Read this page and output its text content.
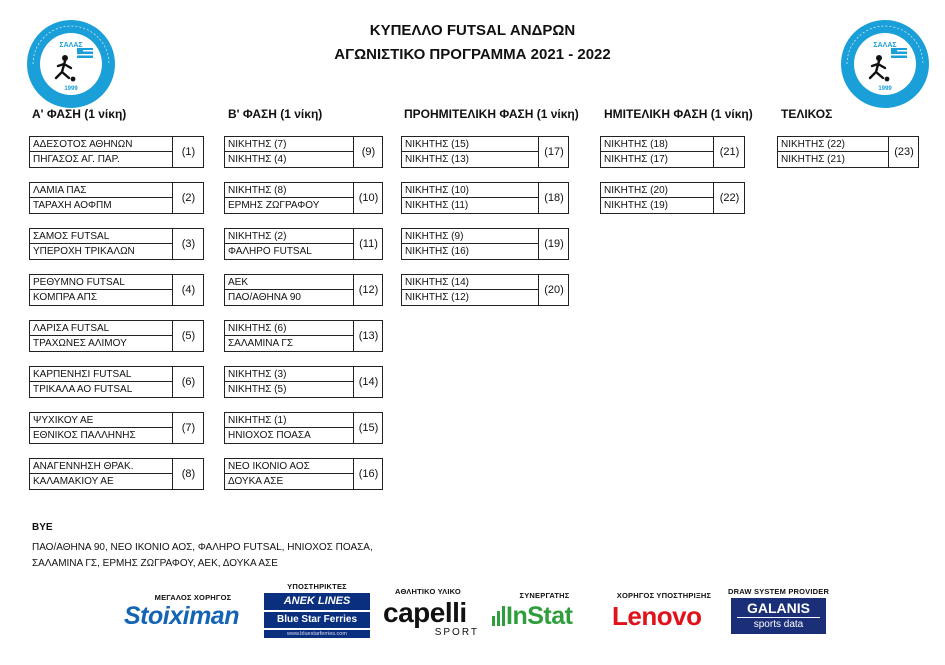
ΚΥΠΕΛΛΟ FUTSAL ΑΝΔΡΩΝ
ΑΓΩΝΙΣΤΙΚΟ ΠΡΟΓΡΑΜΜΑ 2021 - 2022
ΣΑΛΑΣ
1999
ΣΑΛΑΣ
1999
Α' ΦΑΣΗ (1 νίκη)	Β' ΦΑΣΗ (1 νίκη)	ΠΡΟΗΜΙΤΕΛΙΚΗ ΦΑΣΗ (1 νίκη) ΗΜΙΤΕΛΙΚΗ ΦΑΣΗ (1 νίκη) ΤΕΛΙΚΟΣ
ΑΔΕΣΟΤΟΣ ΑΘΗΝΩΝ
ΠΗΓΑΣΟΣ ΑΓ. ΠΑΡ.
(1)
ΛΑΜΙΑ ΠΑΣ
ΤΑΡΑΧΗ ΑΟΦΠΜ
(2)
ΣΑΜΟΣ FUTSAL
ΥΠΕΡΟΧΗ ΤΡΙΚΑΛΩΝ
(3)
ΡΕΘΥΜΝΟ FUTSAL
ΚΟΜΠΡΑ ΑΠΣ
(4)
ΛΑΡΙΣΑ FUTSAL
ΤΡΑΧΩΝΕΣ ΑΛΙΜΟΥ
(5)
ΚΑΡΠΕΝΗΣΙ FUTSAL
ΤΡΙΚΑΛΑ ΑΟ FUTSAL
(6)
ΨΥΧΙΚΟΥ ΑΕ
ΕΘΝΙΚΟΣ ΠΑΛΛΗΝΗΣ
(7)
ΑΝΑΓΕΝΝΗΣΗ ΘΡΑΚ.
ΚΑΛΑΜΑΚΙΟΥ ΑΕ
(8)
ΝΙΚΗΤΗΣ (7)
ΝΙΚΗΤΗΣ (4)
(9)
ΝΙΚΗΤΗΣ (8)
ΕΡΜΗΣ ΖΩΓΡΑΦΟΥ
(10)
ΝΙΚΗΤΗΣ (2)
ΦΑΛΗΡΟ FUTSAL
(11)
ΑΕΚ
ΠΑΟ/ΑΘΗΝΑ 90
(12)
ΝΙΚΗΤΗΣ (6)
ΣΑΛΑΜΙΝΑ ΓΣ
(13)
ΝΙΚΗΤΗΣ (3)
ΝΙΚΗΤΗΣ (5)
(14)
ΝΙΚΗΤΗΣ (1)
ΗΝΙΟΧΟΣ ΠΟΑΣΑ
(15)
ΝΕΟ ΙΚΟΝΙΟ ΑΟΣ
ΔΟΥΚΑ ΑΣΕ
(16)
ΝΙΚΗΤΗΣ (15)
ΝΙΚΗΤΗΣ (13)
(17)
ΝΙΚΗΤΗΣ (10)
ΝΙΚΗΤΗΣ (11)
(18)
ΝΙΚΗΤΗΣ (9)
ΝΙΚΗΤΗΣ (16)
(19)
ΝΙΚΗΤΗΣ (14)
ΝΙΚΗΤΗΣ (12)
(20)
ΝΙΚΗΤΗΣ (18)
ΝΙΚΗΤΗΣ (17)
(21)
ΝΙΚΗΤΗΣ (20)
ΝΙΚΗΤΗΣ (19)
(22)
ΝΙΚΗΤΗΣ (22)
ΝΙΚΗΤΗΣ (21)
(23)
BYE
ΠΑΟ/ΑΘΗΝΑ 90, ΝΕΟ ΙΚΟΝΙΟ ΑΟΣ, ΦΑΛΗΡΟ FUTSAL, ΗΝΙΟΧΟΣ ΠΟΑΣΑ,
ΣΑΛΑΜΙΝΑ ΓΣ, ΕΡΜΗΣ ΖΩΓΡΑΦΟΥ, ΑΕΚ, ΔΟΥΚΑ ΑΣΕ
ΜΕΓΑΛΟΣ ΧΟΡΗΓΟΣ
Stoiximan
ΥΠΟΣΤΗΡΙΚΤΕΣ
ANEK LINES
Blue Star Ferries
www.bluestarferries.com
ΑΘΛΗΤΙΚΟ ΥΛΙΚΟ
capelli
SPORT
ΣΥΝΕΡΓΑΤΗΣ
InStat
ΧΟΡΗΓΟΣ ΥΠΟΣΤΗΡΙΞΗΣ
Lenovo
DRAW SYSTEM PROVIDER
GALANIS
sports data
